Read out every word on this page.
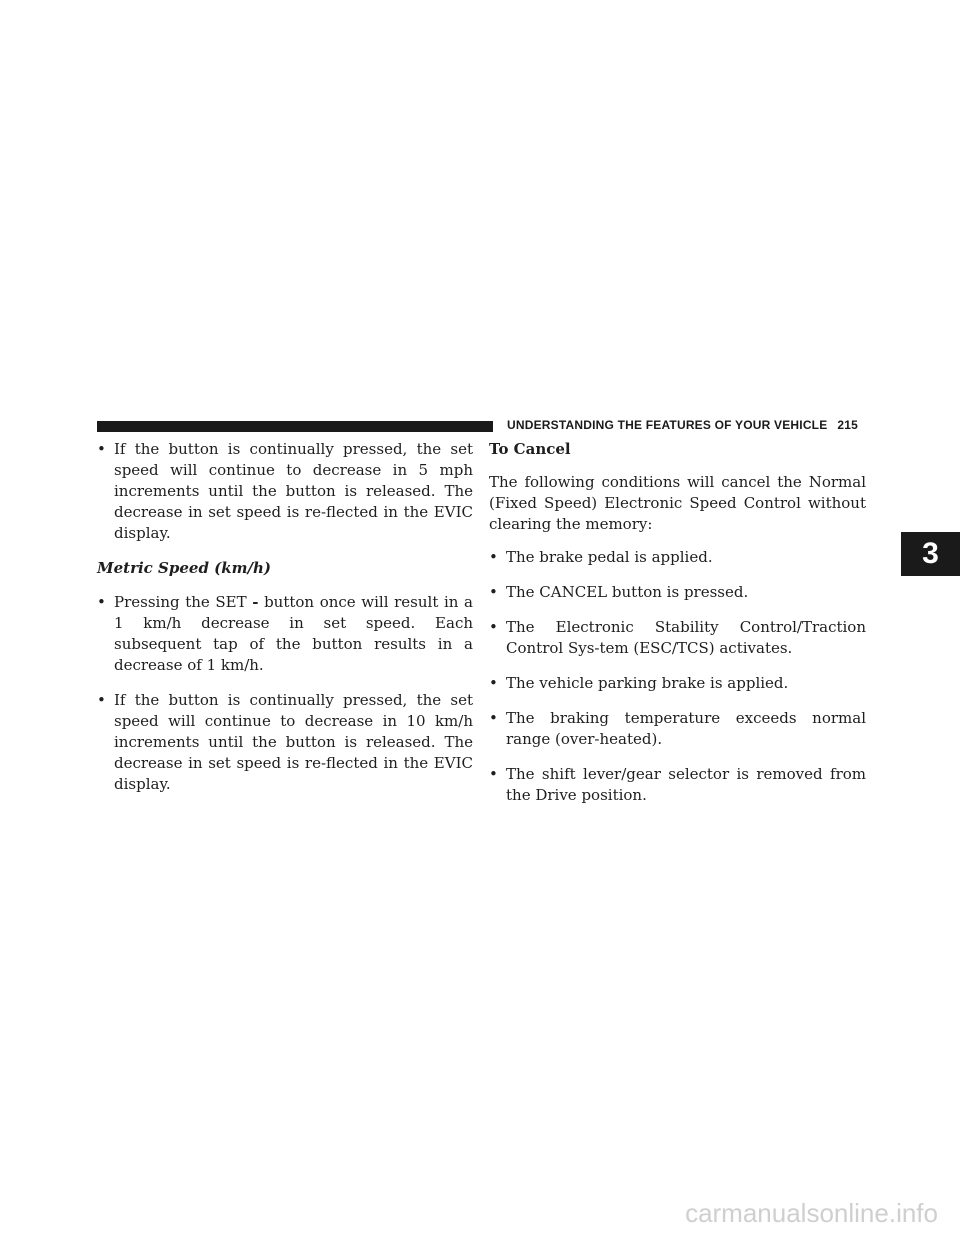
UNDERSTANDING THE FEATURES OF YOUR VEHICLE 215
• If the button is continually pressed, the set speed will continue to decrease in 5 mph increments until the button is released. The decrease in set speed is re-flected in the EVIC display.
Metric Speed (km/h)
• Pressing the SET - button once will result in a 1 km/h decrease in set speed. Each subsequent tap of the button results in a decrease of 1 km/h.
• If the button is continually pressed, the set speed will continue to decrease in 10 km/h increments until the button is released. The decrease in set speed is re-flected in the EVIC display.
To Cancel
The following conditions will cancel the Normal (Fixed Speed) Electronic Speed Control without clearing the memory:
• The brake pedal is applied.
• The CANCEL button is pressed.
• The Electronic Stability Control/Traction Control Sys-tem (ESC/TCS) activates.
• The vehicle parking brake is applied.
• The braking temperature exceeds normal range (over-heated).
• The shift lever/gear selector is removed from the Drive position.
3
carmanualsonline.info
